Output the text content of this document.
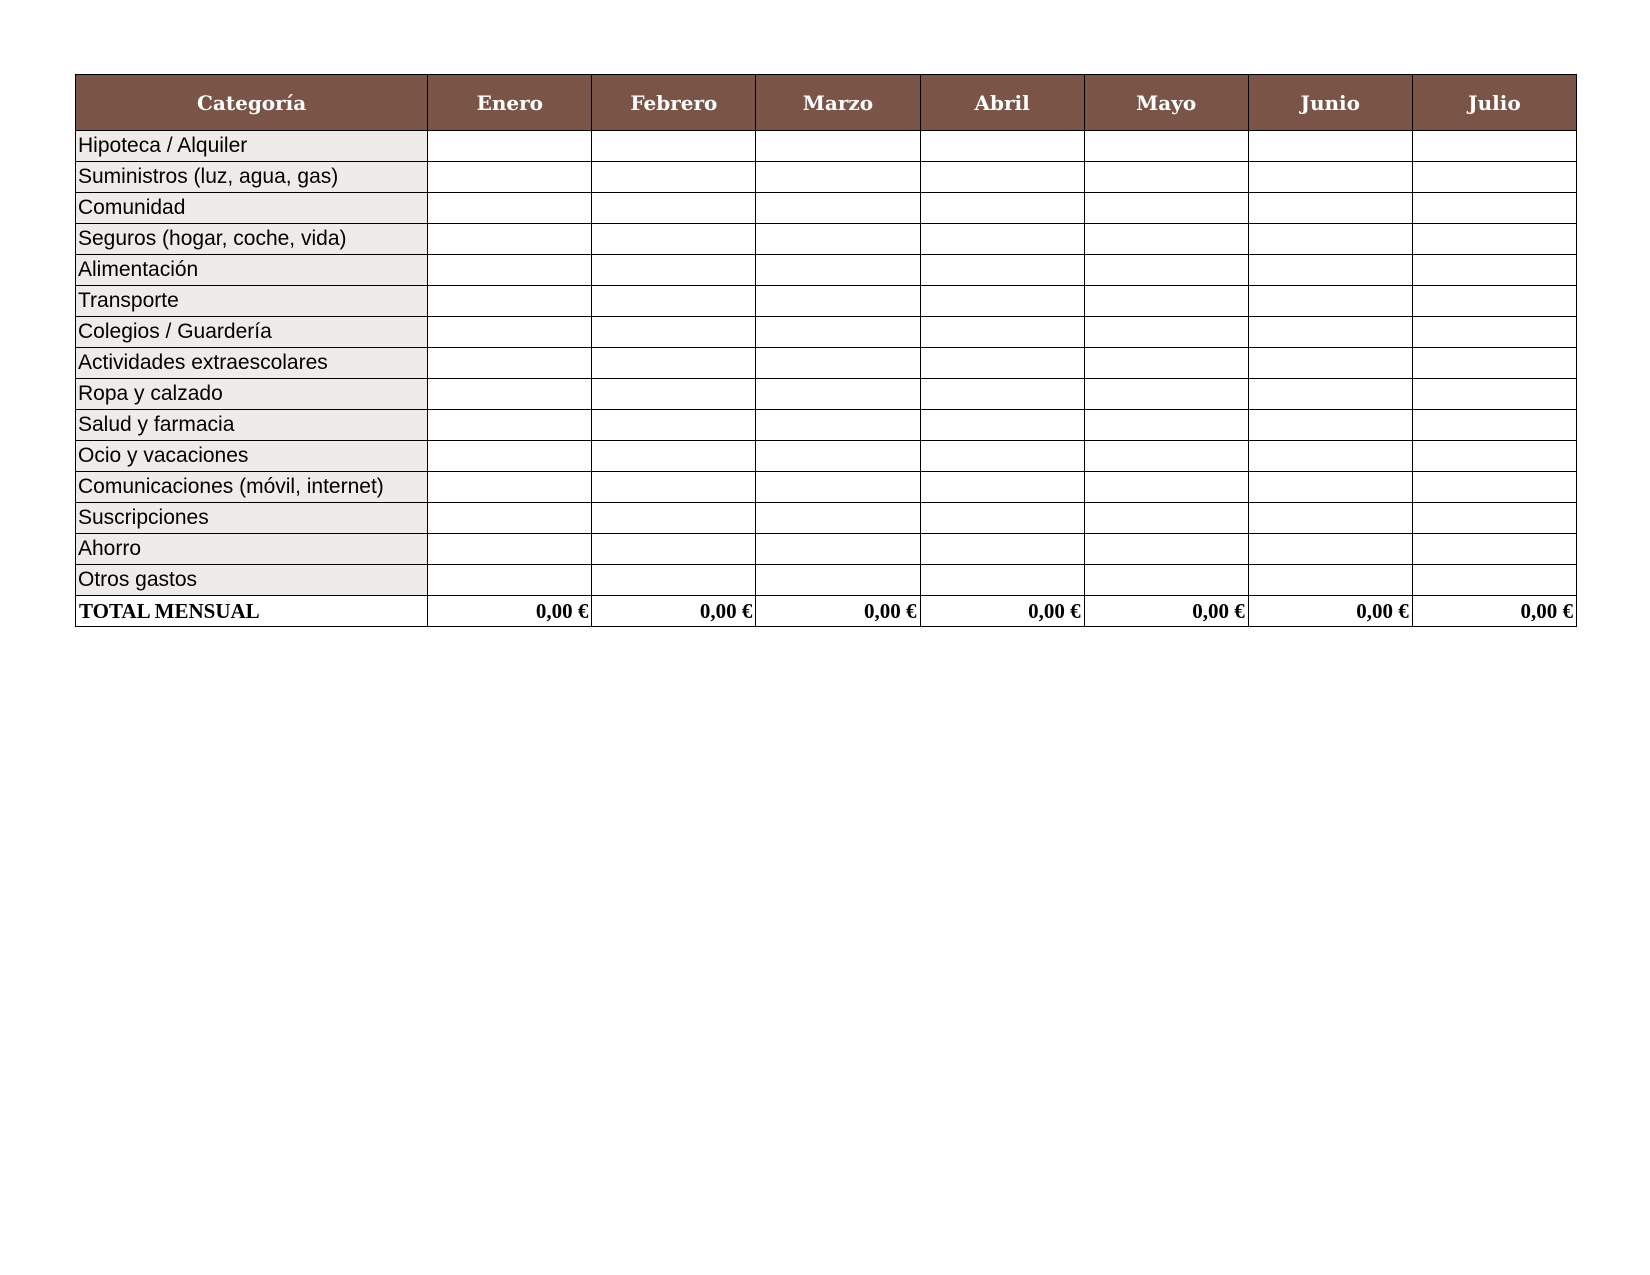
Categoría	Enero	Febrero	Marzo	Abril	Mayo	Junio	Julio
Hipoteca / Alquiler							
Suministros (luz, agua, gas)							
Comunidad							
Seguros (hogar, coche, vida)							
Alimentación							
Transporte							
Colegios / Guardería							
Actividades extraescolares							
Ropa y calzado							
Salud y farmacia							
Ocio y vacaciones							
Comunicaciones (móvil, internet)							
Suscripciones							
Ahorro							
Otros gastos							
TOTAL MENSUAL	0,00 €	0,00 €	0,00 €	0,00 €	0,00 €	0,00 €	0,00 €
